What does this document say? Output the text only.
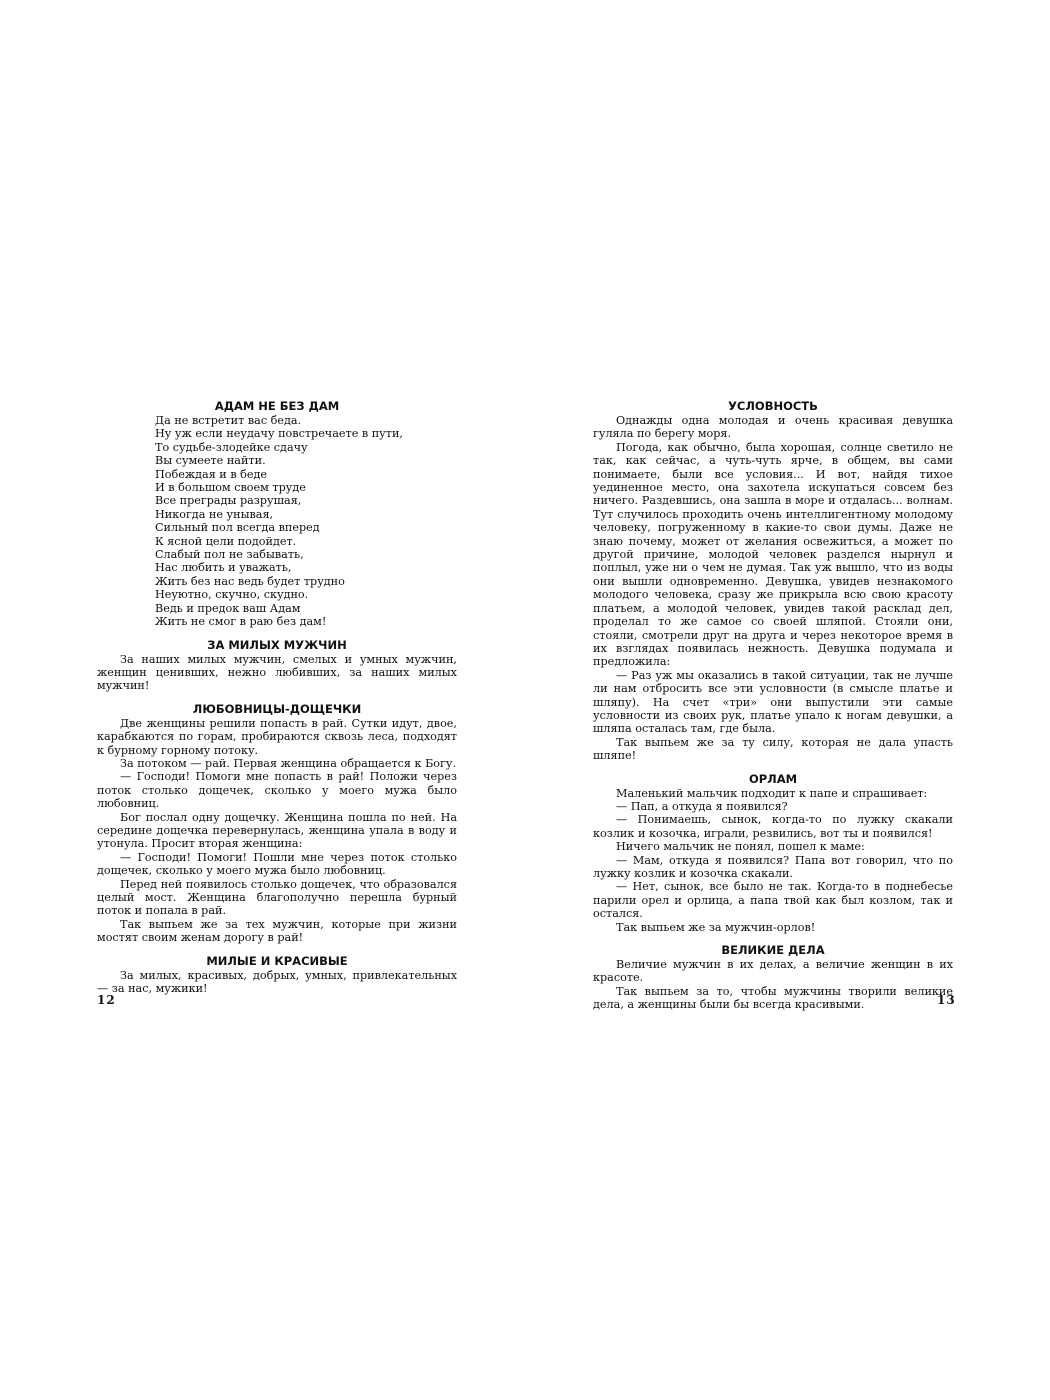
АДАМ НЕ БЕЗ ДАМ
Да не встретит вас беда.
Ну уж если неудачу повстречаете в пути,
То судьбе-злодейке сдачу
Вы сумеете найти.
Побеждая и в беде
И в большом своем труде
Все преграды разрушая,
Никогда не унывая,
Сильный пол всегда вперед
К ясной цели подойдет.
Слабый пол не забывать,
Нас любить и уважать,
Жить без нас ведь будет трудно
Неуютно, скучно, скудно.
Ведь и предок ваш Адам
Жить не смог в раю без дам!
ЗА МИЛЫХ МУЖЧИН

За наших милых мужчин, смелых и умных мужчин, женщин ценивших, нежно любивших, за наших милых мужчин!

ЛЮБОВНИЦЫ-ДОЩЕЧКИ

Две женщины решили попасть в рай. Сутки идут, двое, карабкаются по горам, пробираются сквозь леса, подходят к бурному горному потоку.

За потоком — рай. Первая женщина обращается к Богу.

— Господи! Помоги мне попасть в рай! Положи через поток столько дощечек, сколько у моего мужа было любовниц.

Бог послал одну дощечку. Женщина пошла по ней. На середине дощечка перевернулась, женщина упала в воду и утонула. Просит вторая женщина:

— Господи! Помоги! Пошли мне через поток столько дощечек, сколько у моего мужа было любовниц.

Перед ней появилось столько дощечек, что образовался целый мост. Женщина благополучно перешла бурный поток и попала в рай.

Так выпьем же за тех мужчин, которые при жизни мостят своим женам дорогу в рай!

МИЛЫЕ И КРАСИВЫЕ

За милых, красивых, добрых, умных, привлекательных — за нас, мужики!

12
УСЛОВНОСТЬ

Однажды одна молодая и очень красивая девушка гуляла по берегу моря.

Погода, как обычно, была хорошая, солнце светило не так, как сейчас, а чуть-чуть ярче, в общем, вы сами понимаете, были все условия... И вот, найдя тихое уединенное место, она захотела искупаться совсем без ничего. Раздевшись, она зашла в море и отдалась... волнам. Тут случилось проходить очень интеллигентному молодому человеку, погруженному в какие-то свои думы. Даже не знаю почему, может от желания освежиться, а может по другой причине, молодой человек разделся нырнул и поплыл, уже ни о чем не думая. Так уж вышло, что из воды они вышли одновременно. Девушка, увидев незнакомого молодого человека, сразу же прикрыла всю свою красоту платьем, а молодой человек, увидев такой расклад дел, проделал то же самое со своей шляпой. Стояли они, стояли, смотрели друг на друга и через некоторое время в их взглядах появилась нежность. Девушка подумала и предложила:

— Раз уж мы оказались в такой ситуации, так не лучше ли нам отбросить все эти условности (в смысле платье и шляпу). На счет «три» они выпустили эти самые условности из своих рук, платье упало к ногам девушки, а шляпа осталась там, где была.

Так выпьем же за ту силу, которая не дала упасть шляпе!

ОРЛАМ

Маленький мальчик подходит к папе и спрашивает:

— Пап, а откуда я появился?

— Понимаешь, сынок, когда-то по лужку скакали козлик и козочка, играли, резвились, вот ты и появился!

Ничего мальчик не понял, пошел к маме:

— Мам, откуда я появился? Папа вот говорил, что по лужку козлик и козочка скакали.

— Нет, сынок, все было не так. Когда-то в поднебесье парили орел и орлица, а папа твой как был козлом, так и остался.

Так выпьем же за мужчин-орлов!

ВЕЛИКИЕ ДЕЛА

Величие мужчин в их делах, а величие женщин в их красоте.

Так выпьем за то, чтобы мужчины творили великие дела, а женщины были бы всегда красивыми.	13
